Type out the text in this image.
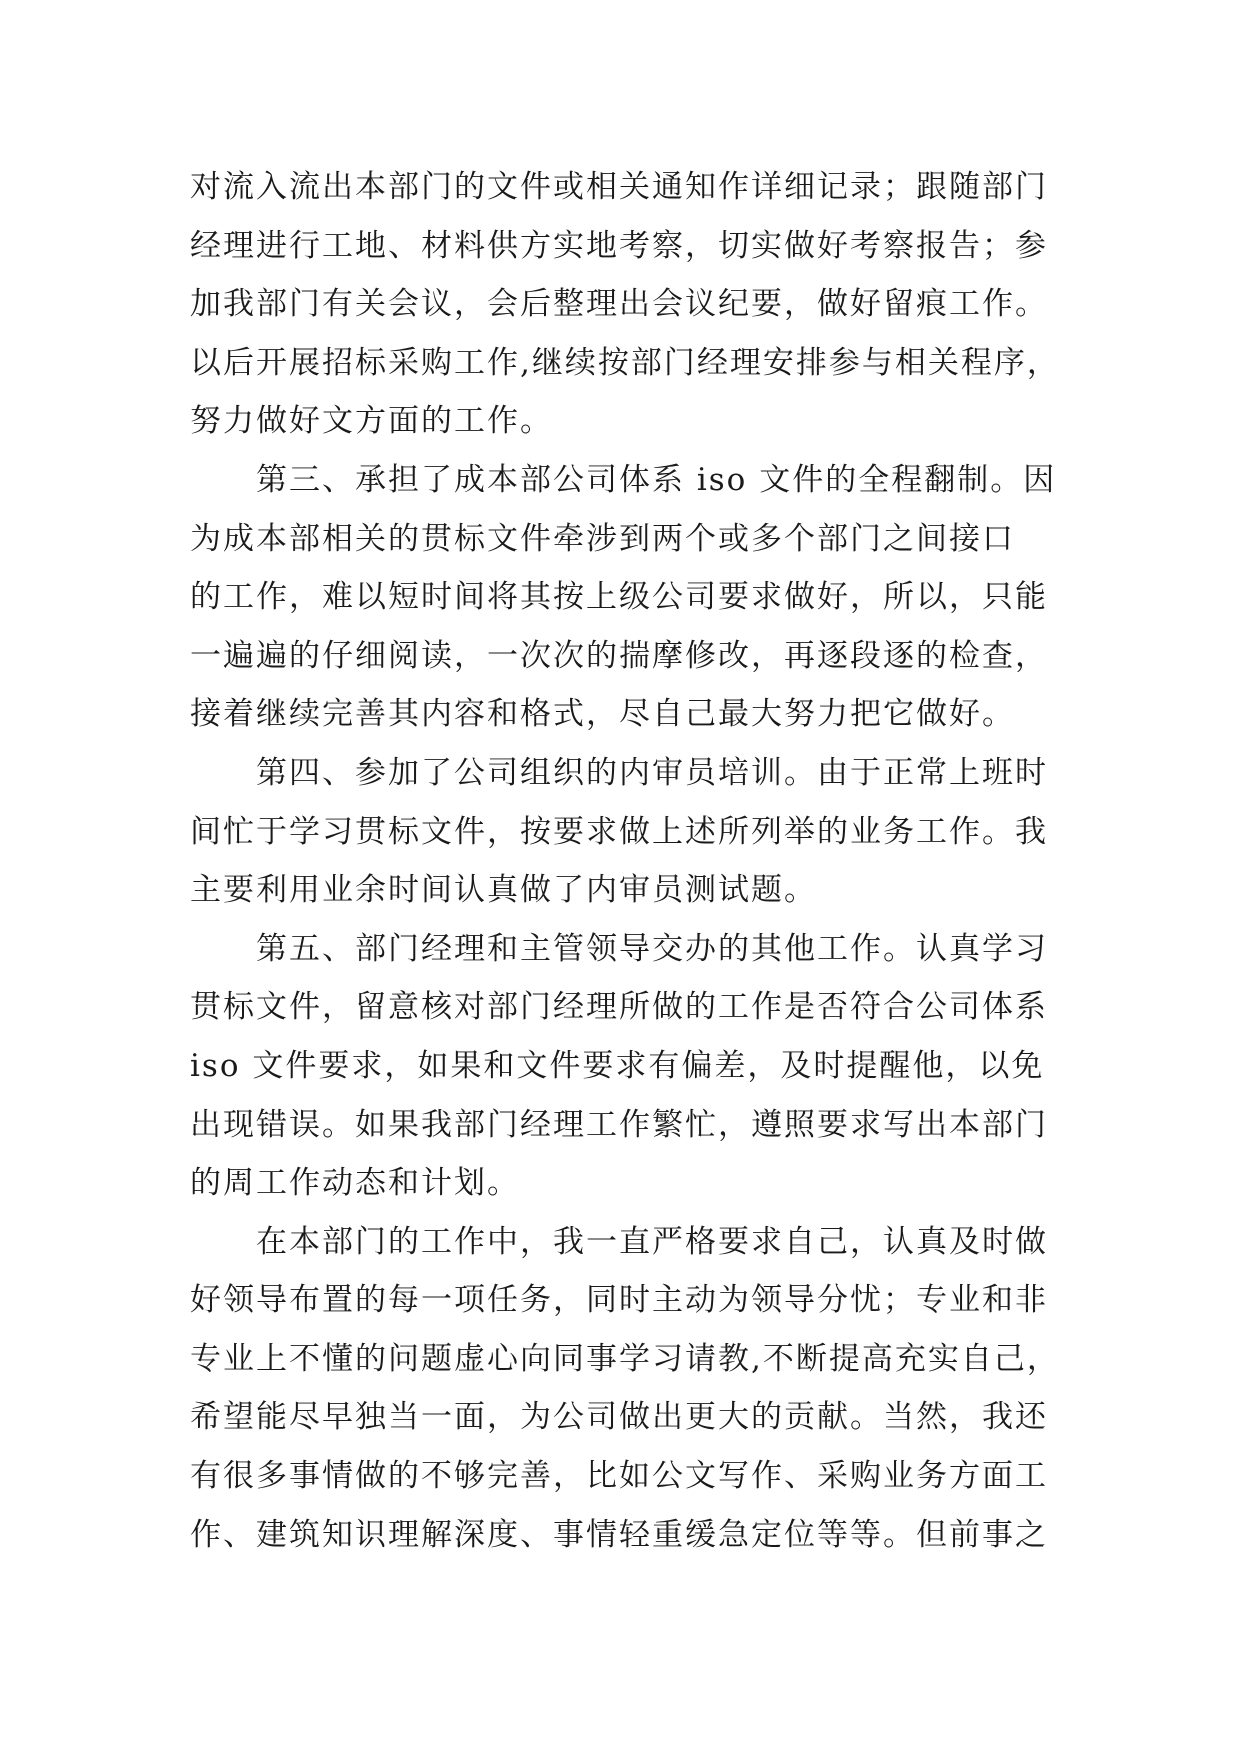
对流入流出本部门的文件或相关通知作详细记录；跟随部门
经理进行工地、材料供方实地考察，切实做好考察报告；参
加我部门有关会议，会后整理出会议纪要，做好留痕工作。
以后开展招标采购工作,继续按部门经理安排参与相关程序，
努力做好文方面的工作。
第三、承担了成本部公司体系 iso 文件的全程翻制。因
为成本部相关的贯标文件牵涉到两个或多个部门之间接口
的工作，难以短时间将其按上级公司要求做好，所以，只能
一遍遍的仔细阅读，一次次的揣摩修改，再逐段逐的检查，
接着继续完善其内容和格式，尽自己最大努力把它做好。
第四、参加了公司组织的内审员培训。由于正常上班时
间忙于学习贯标文件，按要求做上述所列举的业务工作。我
主要利用业余时间认真做了内审员测试题。
第五、部门经理和主管领导交办的其他工作。认真学习
贯标文件，留意核对部门经理所做的工作是否符合公司体系
iso 文件要求，如果和文件要求有偏差，及时提醒他，以免
出现错误。如果我部门经理工作繁忙，遵照要求写出本部门
的周工作动态和计划。
在本部门的工作中，我一直严格要求自己，认真及时做
好领导布置的每一项任务，同时主动为领导分忧；专业和非
专业上不懂的问题虚心向同事学习请教,不断提高充实自己，
希望能尽早独当一面，为公司做出更大的贡献。当然，我还
有很多事情做的不够完善，比如公文写作、采购业务方面工
作、建筑知识理解深度、事情轻重缓急定位等等。但前事之
